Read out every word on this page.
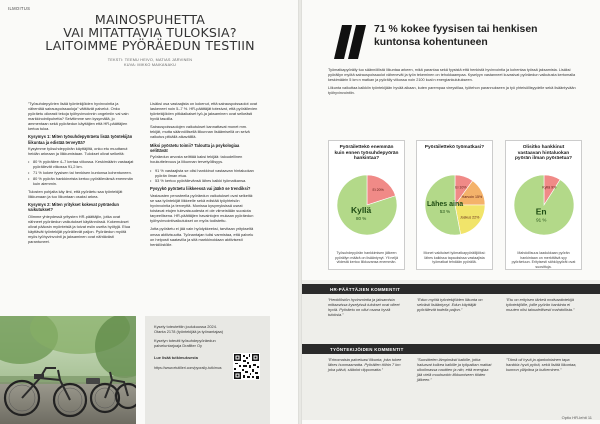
ILMOITUS
MAINOSPUHETTA
VAI MITATTAVIA TULOKSIA?
LAITOIMME PYÖRÄEDUN TESTIIN
TEKSTI: TEEMU HEIVO, MATIAS JÄRVINEN
KUVA: MIKKO MAIKANAKU

”Työsuhdepyörien lisää työntekijöiden hyvinvointia ja vähentää sairauspoissaoloja” väittävät palvelut. Onko pyöräetu oikeasti tekoja työhyvinvoinnin ongelmiin vai vain markkinointipuhetta? Selvitimme sen kysymällä, jo ammentaan sekä pyöräedun käyttäjien että HR-päättäjien kertoa tuloa.

Kysymys 1: Miten työsuhdepyöräetu lisää työntekijän liikuntaa ja edistää terveyttä?

Kysyimme työsuhdepyörän käyttäjiltä, onko etu muuttanut heidän arkeaan ja liikkumistaan. Tulokset olivat selkeitä:

• 80 % pyöräilee 4–7 kertaa viikossa. Keskimäärin vastaajat pyöräilevät viikossa 91,2 km.
• 71 % kokee fyysisen tai henkisen kuntonsa kohentuneen.
• 80 % pyörän hankkineista kertoo pyöräilevänsä enemmän kuin aiemmin.

Tulosten pohjalta käy ilmi, että pyöräetu saa työntekijät liikkumaan ja tuo liikuntaan osaksi arkea.

Kysymys 2: Miten yritykset kokevat pyöräedun vaikutukset?

Olimme yhteydessä yritysten HR-päättäjiin, jotka ovat nähneet pyöräedun vaikutukset käytännössä. Kokemukset olivat pääosin myönteisiä ja toivat esiin useita hyötyjä. Etua käyttävät työntekijät pyöräilevät paljon. Pyöräedun myötä myös työhyvinvointi ja jaksaminen ovat nähtävästi parantuneet.

Lisäksi osa vastaajista on kokenut, että sairauspoissaolot ovat laskeneet noin 5–7 %. HR-päättäjät totesivat, että pyöräilevien työntekijöiden pitkäaikaiset työ-ja jaksaminen ovat selkeästi hyviä tasoilla.

Sairauspoissaolojen vaikutukset kannattavat monet mm. tekijät, mutta säännöllisellä liikunnan lisäämisellä on selvä vaikutus pitkällä aikavälillä.

Miksi pyöräetu toimii? Taloutta ja psykologiaa selittävät

Pyöräedun arvosta selittää kaksi tekijää: taloudellinen houkuttelevuus ja liikunnan tervetyöllisyys.

• 91 % vastaajista se olisi hankkinut vastaavan hintaluokan pyörän ilman etua.
• 53 % kertoo pyöräilevänsä lähes kaikki työmatkansa.
Pysyykö pyöräetu liikkeessä vai jääkö se trendiksi?

Vastausten perusteella pyöräedun vaikutukset ovat selkeitä: se saa työntekijät liikkeelle sekä edistää työyhteisön hyvinvointia ja terveyttä. Monissa kysymyksissä useat toistavat etujen tulevaisuudesta ei ole viimeistään suosiota tarpeellisena. HR-päättäjien havaintojen mukaan pyöräedun työhyvinvointivaikutukset on myös todistettu.

Jotta pyöräetu ei jää vain hyödykkeeksi, tarvitaan yritykseltä omaa aktiivisuutta. Työnantajan tulisi varmistaa, että palvelu on helposti saatavilla ja sitä markkinoidaan aktiivisesti henkilöstölle.

Kysely toteutettiin joulukuussa 2024.
Otanta 2178 (työntekijää ja työnantajaa)
Kyselyn toteutti työsuhdepyöräedun palveluntarjoaja Drafilter Oy
Lue lisää tutkimuksesta
https://www.etutilleri.com/pyoraily-tutkimus
71 % kokee fyysisen tai henkisen kuntonsa kohentuneen

Työmatkapyöräily tuo säännöllistä liikuntaa arkeen, mikä parantaa sekä fyysistä että henkistä hyvinvointia ja kohentaa työssä jaksamista. Lisäksi pyöräilyn myötä sairauspoissaolot vähenevät ja työn tekeminen on tehokkaampaa. Kyselyyn vastanneet kuvasivat pyöräedun vaikutusta kertomalla keskimäärin 5 km:n matkan ja pyöräily viikossa noin 2100 kcal:n energiankulutukseen.

Liikunta vaikuttaa kaikkiin työntekijään hyvää aikaan, kuten parempaa vireystilaa, työtehon parannukseen ja työ yhteisöllisyydelle sekä lisääntyvään työhyvinvointiin.

Pyöräilettekö enemmän kuin ennen työsuhdepyörän hankintaa?
Kyllä
80 %
Ei 20%
Työsuhdepyörän hankkimisen jälkeen pyöräilyn määrä on lisääntynyt. Yli neljä viidestä kertoo liikkuvansa enemmän.
Pyöräilettekö työmatkasi?
Lähes aina
53 %
Ei 10%
Harvoin 15%
Joskus 22%
Monet vakituiset työmatkapyöräilijöiksi: lähes kaikissa tapauksissa vastaajista työmatkat tehdään pyörällä.
Olisitko hankkinut vastaavan hintaluokan pyörän ilman pyöräetua?
En
91 %
Kyllä 9%
Mahdollisuus laadukkaan pyörän hankintaan on merkittävä syy pyöräetuun. Erityisesti sähköpyörät ovat suosittuja.
HR-PÄÄTTÄJIEN KOMMENTIT
”Henkilöstön hyvinvointia ja jaksamista mittaavissa kyselyissä tulokset ovat olleet hyviä. Pyöräetu on ollut osana hyviä tuloksia.”
”Edun myötä työntekijöiden liikunta on selvästi lisääntynyt. Edun käyttäjät pyöräilevät todella paljon.”
”Etu on erityisen tärkeä motivaatiotekijä työntekijöille, joille pyörän hankinta ei muuten olisi taloudellisesti mahdollista.”
TYÖNTEKIJÖIDEN KOMMENTIT
”Erinomaista palveluasi liikunta, joka tukee lähes huomaamatta. Pyöräilen töihin 7 km joka päivä, sääolot riippumatta.”
”Suosittelen lämpimästi kaikille, jotka haluavat kulkea kaikille ja työpaikan matkat ulkoilmassa nauttien ja niin, että energiaa jää vielä muuhunkin liikkumiseen töiden jälkeen.”
”Tämä oli hyvä ja ajankohtainen tapa hankkia hyvä pyörä, sekä lisätä liikuntaa, kunnon ylläpitoa ja kulkeminen.”
Optio HR-lehti 11
